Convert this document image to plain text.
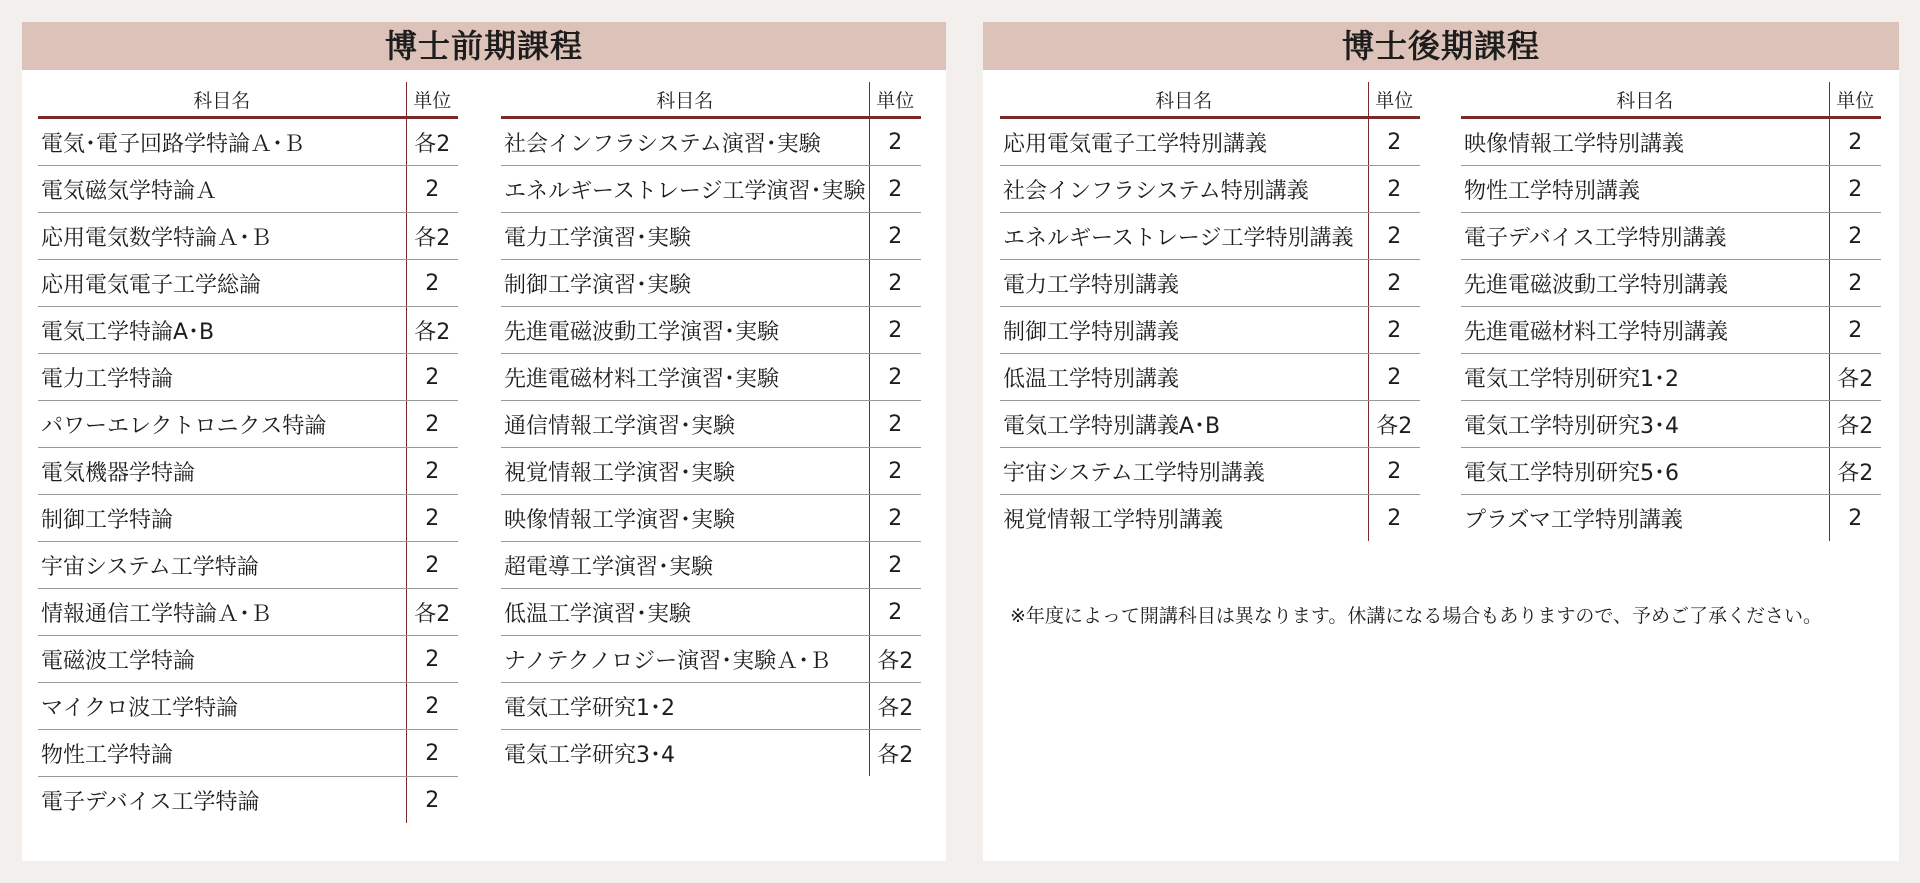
博士前期課程
科目名	単位
電気･電子回路学特論Ａ･Ｂ	各2
電気磁気学特論Ａ	2
応用電気数学特論Ａ･Ｂ	各2
応用電気電子工学総論	2
電気工学特論A･B	各2
電力工学特論	2
パワーエレクトロニクス特論	2
電気機器学特論	2
制御工学特論	2
宇宙システム工学特論	2
情報通信工学特論Ａ･Ｂ	各2
電磁波工学特論	2
マイクロ波工学特論	2
物性工学特論	2
電子デバイス工学特論	2
科目名	単位
社会インフラシステム演習･実験	2
エネルギーストレージ工学演習･実験	2
電力工学演習･実験	2
制御工学演習･実験	2
先進電磁波動工学演習･実験	2
先進電磁材料工学演習･実験	2
通信情報工学演習･実験	2
視覚情報工学演習･実験	2
映像情報工学演習･実験	2
超電導工学演習･実験	2
低温工学演習･実験	2
ナノテクノロジー演習･実験Ａ･Ｂ	各2
電気工学研究1･2	各2
電気工学研究3･4	各2
博士後期課程
科目名	単位
応用電気電子工学特別講義	2
社会インフラシステム特別講義	2
エネルギーストレージ工学特別講義	2
電力工学特別講義	2
制御工学特別講義	2
低温工学特別講義	2
電気工学特別講義A･B	各2
宇宙システム工学特別講義	2
視覚情報工学特別講義	2
科目名	単位
映像情報工学特別講義	2
物性工学特別講義	2
電子デバイス工学特別講義	2
先進電磁波動工学特別講義	2
先進電磁材料工学特別講義	2
電気工学特別研究1･2	各2
電気工学特別研究3･4	各2
電気工学特別研究5･6	各2
プラズマ工学特別講義	2
※年度によって開講科目は異なります。休講になる場合もありますので、予めご了承ください。
